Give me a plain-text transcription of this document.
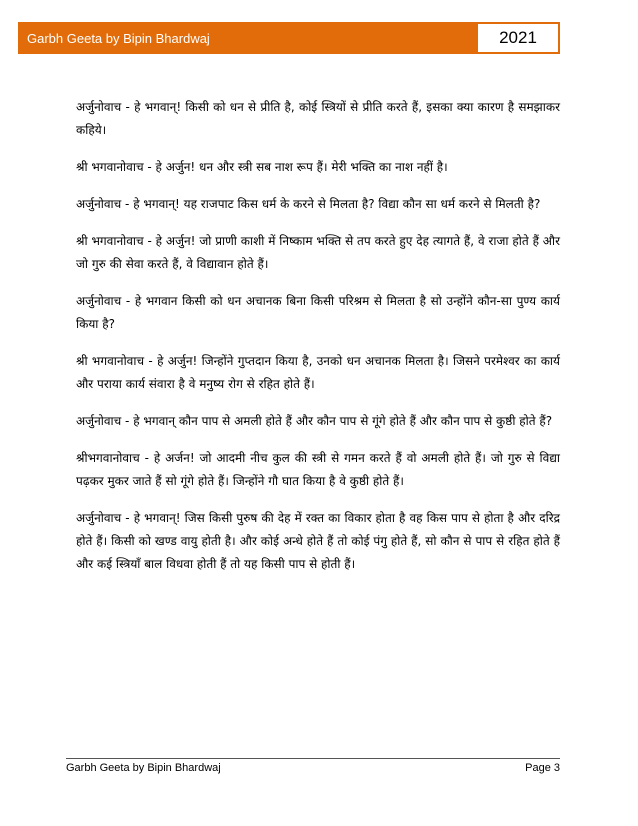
Garbh Geeta by Bipin Bhardwaj	2021

अर्जुनोवाच - हे भगवान्! किसी को धन से प्रीति है, कोई स्त्रियों से प्रीति करते हैं, इसका क्या कारण है समझाकर कहिये।

श्री भगवानोवाच - हे अर्जुन! धन और स्त्री सब नाश रूप हैं। मेरी भक्ति का नाश नहीं है।

अर्जुनोवाच - हे भगवान्! यह राजपाट किस धर्म के करने से मिलता है? विद्या कौन सा धर्म करने से मिलती है?

श्री भगवानोवाच - हे अर्जुन! जो प्राणी काशी में निष्काम भक्ति से तप करते हुए देह त्यागते हैं, वे राजा होते हैं और जो गुरु की सेवा करते हैं, वे विद्यावान होते हैं।

अर्जुनोवाच - हे भगवान किसी को धन अचानक बिना किसी परिश्रम से मिलता है सो उन्होंने कौन-सा पुण्य कार्य किया है?

श्री भगवानोवाच - हे अर्जुन! जिन्होंने गुप्तदान किया है, उनको धन अचानक मिलता है। जिसने परमेश्वर का कार्य और पराया कार्य संवारा है वे मनुष्य रोग से रहित होते हैं।

अर्जुनोवाच - हे भगवान् कौन पाप से अमली होते हैं और कौन पाप से गूंगे होते हैं और कौन पाप से कुष्ठी होते हैं?

श्रीभगवानोवाच - हे अर्जन! जो आदमी नीच कुल की स्त्री से गमन करते हैं वो अमली होते हैं। जो गुरु से विद्या पढ़कर मुकर जाते हैं सो गूंगे होते हैं। जिन्होंने गौ घात किया है वे कुष्ठी होते हैं।

अर्जुनोवाच - हे भगवान्! जिस किसी पुरुष की देह में रक्त का विकार होता है वह किस पाप से होता है और दरिद्र होते हैं। किसी को खण्ड वायु होती है। और कोई अन्धे होते हैं तो कोई पंगु होते हैं, सो कौन से पाप से रहित होते हैं और कई स्त्रियाँ बाल विधवा होती हैं तो यह किसी पाप से होती हैं।

Garbh Geeta by Bipin Bhardwaj	Page 3
